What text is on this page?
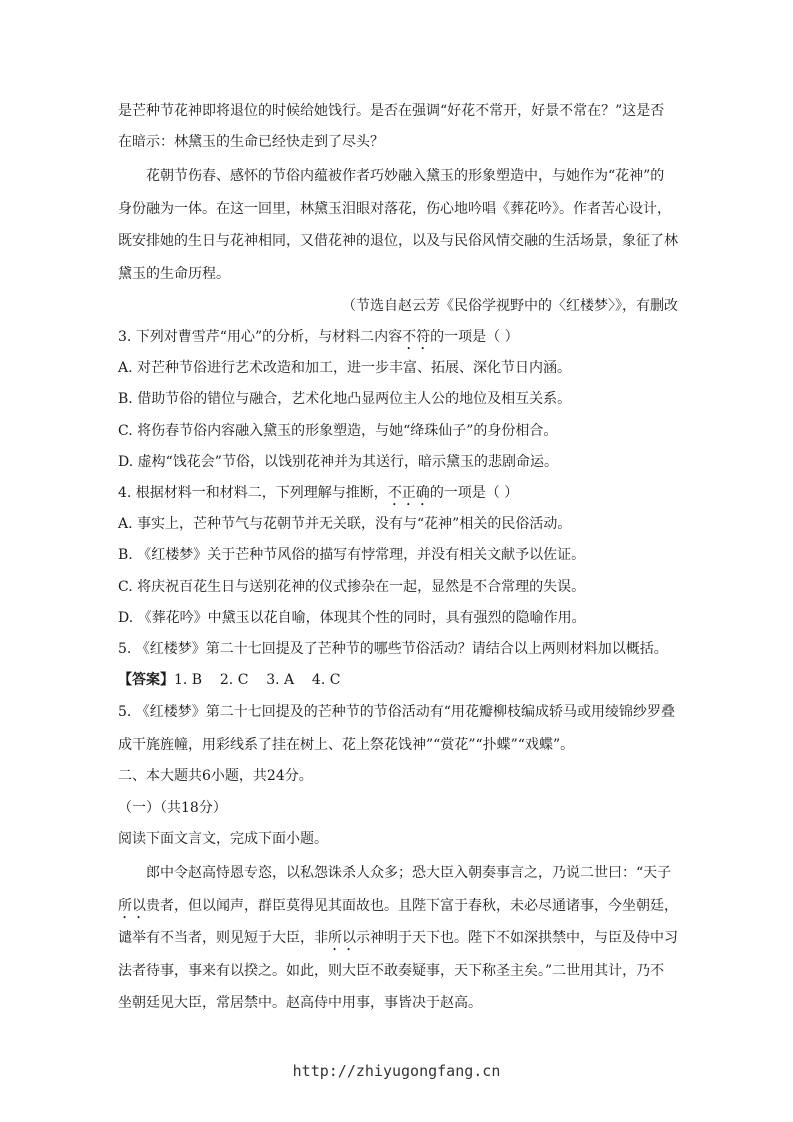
是芒种节花神即将退位的时候给她饯行。是否在强调“好花不常开，好景不常在？”这是否

在暗示：林黛玉的生命已经快走到了尽头？

花朝节伤春、感怀的节俗内蕴被作者巧妙融入黛玉的形象塑造中，与她作为“花神”的身份融为一体。在这一回里，林黛玉泪眼对落花，伤心地吟唱《葬花吟》。作者苦心设计，既安排她的生日与花神相同，又借花神的退位，以及与民俗风情交融的生活场景，象征了林黛玉的生命历程。

（节选自赵云芳《民俗学视野中的〈红楼梦〉》，有删改

3. 下列对曹雪芹“用心”的分析，与材料二内容不符的一项是（ ）

A. 对芒种节俗进行艺术改造和加工，进一步丰富、拓展、深化节日内涵。

B. 借助节俗的错位与融合，艺术化地凸显两位主人公的地位及相互关系。

C. 将伤春节俗内容融入黛玉的形象塑造，与她“绛珠仙子”的身份相合。

D. 虚构“饯花会”节俗，以饯别花神并为其送行，暗示黛玉的悲剧命运。

4. 根据材料一和材料二，下列理解与推断，不正确的一项是（ ）

A. 事实上，芒种节气与花朝节并无关联，没有与“花神”相关的民俗活动。

B. 《红楼梦》关于芒种节风俗的描写有悖常理，并没有相关文献予以佐证。

C. 将庆祝百花生日与送别花神的仪式掺杂在一起，显然是不合常理的失误。

D. 《葬花吟》中黛玉以花自喻，体现其个性的同时，具有强烈的隐喻作用。

5. 《红楼梦》第二十七回提及了芒种节的哪些节俗活动？请结合以上两则材料加以概括。

【答案】1. B    2. C    3. A    4. C

5. 《红楼梦》第二十七回提及的芒种节的节俗活动有“用花瓣柳枝编成轿马或用绫锦纱罗叠成干旄旌幢，用彩线系了挂在树上、花上祭花饯神”“赏花”“扑蝶”“戏蝶”。

二、本大题共6小题，共24分。

（一）（共18分）

阅读下面文言文，完成下面小题。

郎中令赵高恃恩专恣，以私怨诛杀人众多；恐大臣入朝奏事言之，乃说二世曰：“天子

所以贵者，但以闻声，群臣莫得见其面故也。且陛下富于春秋，未必尽通诸事，今坐朝廷，

谴举有不当者，则见短于大臣，非所以示神明于天下也。陛下不如深拱禁中，与臣及侍中习

法者待事，事来有以揆之。如此，则大臣不敢奏疑事，天下称圣主矣。”二世用其计，乃不

坐朝廷见大臣，常居禁中。赵高侍中用事，事皆决于赵高。

http://zhiyugongfang.cn
